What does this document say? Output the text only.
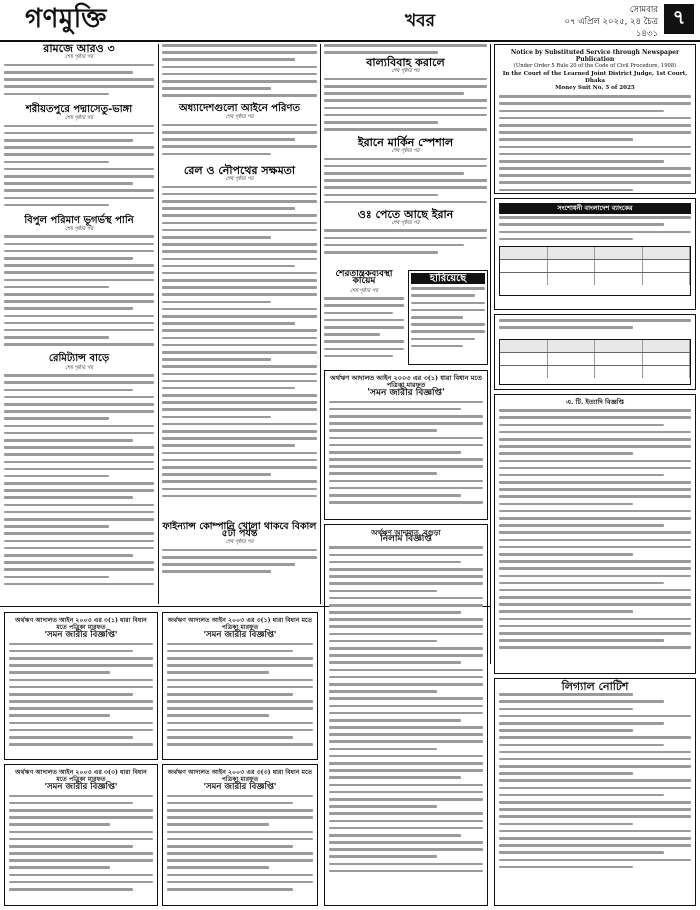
গণমুক্তি	খবর
সোমবার
০৭ এপ্রিল ২০২৫, ২৪ চৈত্র ১৪৩১
৭
রামজে আরও ৩
শেষ পৃষ্ঠার পর
শরীয়তপুরে পদ্মাসেতু-ভাঙ্গা
শেষ পৃষ্ঠার পর
বিপুল পরিমাণ ভূগর্ভস্থ পানি
শেষ পৃষ্ঠার পর
রেমিট্যান্স বাড়ে
শেষ পৃষ্ঠার পর
অধ্যাদেশগুলো আইনে পরিণত
শেষ পৃষ্ঠার পর
রেল ও নৌপথের সক্ষমতা
শেষ পৃষ্ঠার পর
ফাইন্যান্স কোম্পানি খোলা থাকবে বিকাল ৫টা পর্যন্ত
শেষ পৃষ্ঠার পর
বাল্যবিবাহ করালে
শেষ পৃষ্ঠার পর
ইরানে মার্কিন স্পেশাল
শেষ পৃষ্ঠার পর
ওঃ পেতে আছে ইরান
শেষ পৃষ্ঠার পর
শৈরতন্ত্রিকব্যবস্থা কায়েম
শেষ পৃষ্ঠার পর
হারিয়েছে
অর্থঋণ আদালত আইন ২০০৩ এর ৩(১) ধারা বিধান মতে পত্রিকা মারফত
'সমন জারীর বিজ্ঞপ্তি'
Notice by Substituted Service through Newspaper Publication
(Under Order 5 Rule 20 of the Code of Civil Procedure, 1908)
In the Court of the Learned Joint District Judge, 1st Court, Dhaka
Money Suit No. 5 of 2025
সংশোধনী বাংলাদেশ ব্যাংকের
এ. টি. ইত্যাদি বিজ্ঞপ্তি
অর্থঋণ আদালত আইন ২০০৩ এর ৩(১) ধারা বিধান মতে পত্রিকা মারফত
'সমন জারীর বিজ্ঞপ্তি'
অর্থঋণ আদালত আইন ২০০৩ এর ৩(১) ধারা বিধান মতে পত্রিকা মারফত
'সমন জারীর বিজ্ঞপ্তি'
অর্থঋণ আদালত আইন ২০০৩ এর ৩(৩) ধারা বিধান মতে পত্রিকা মারফত
'সমন জারীর বিজ্ঞপ্তি'
অর্থঋণ আদালত আইন ২০০৩ এর ৩(৩) ধারা বিধান মতে পত্রিকা মারফত
'সমন জারীর বিজ্ঞপ্তি'
অর্থঋণ আদালত, বগুড়া
নিলাম বিজ্ঞপ্তি
লিগ্যাল নোটিশ
